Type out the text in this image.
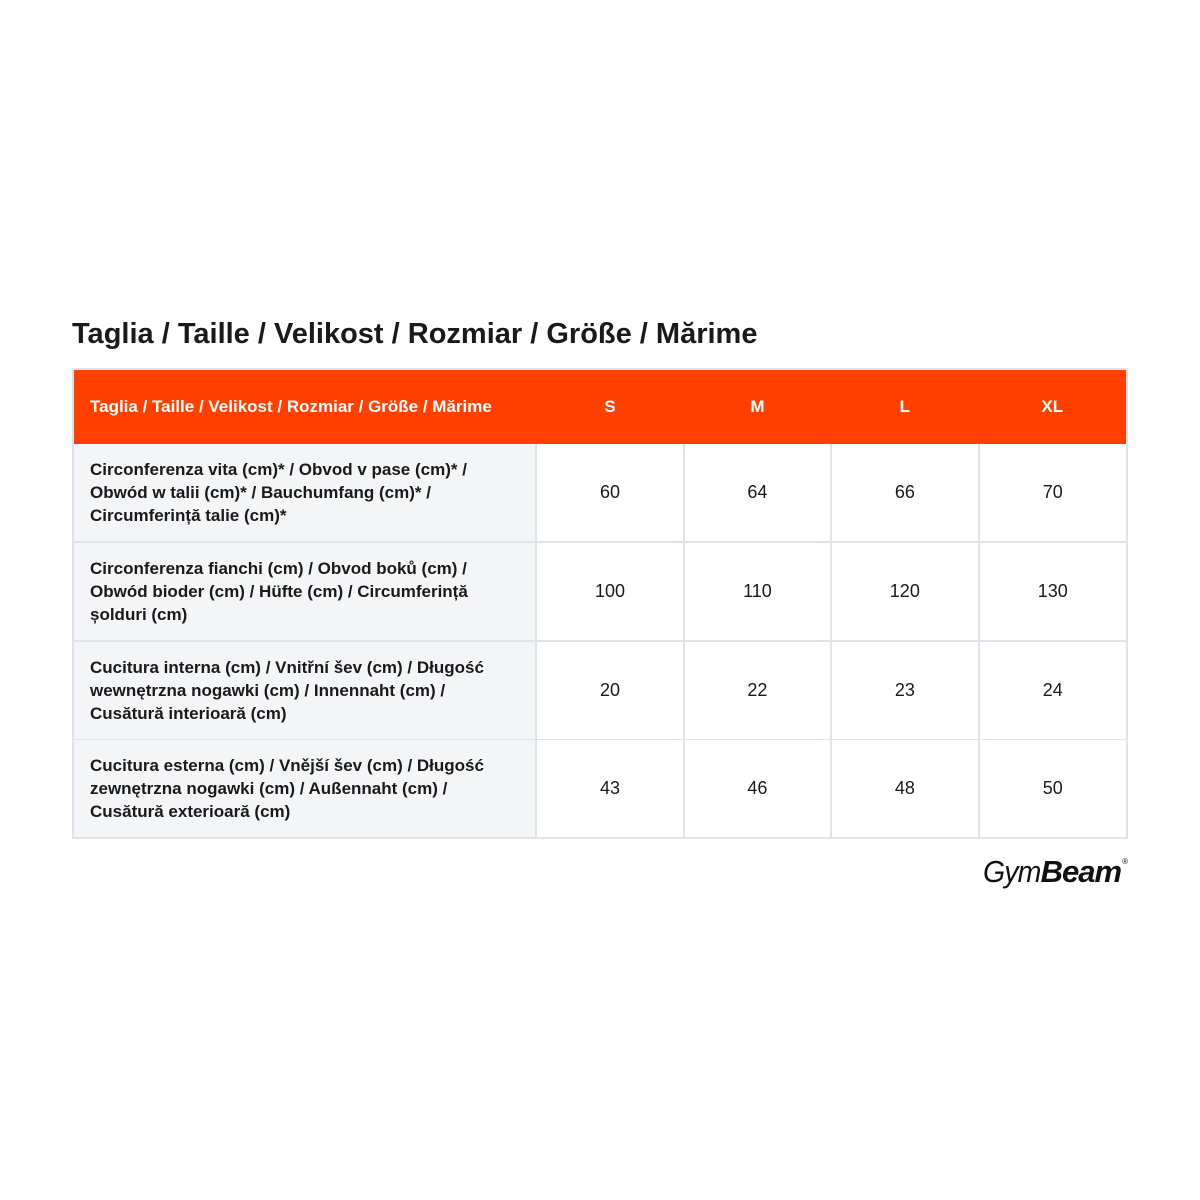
Taglia / Taille / Velikost / Rozmiar / Größe / Mărime
Taglia / Taille / Velikost / Rozmiar / Größe / Mărime	S	M	L	XL
Circonferenza vita (cm)* / Obvod v pase (cm)* / Obwód w talii (cm)* / Bauchumfang (cm)* / Circumferință talie (cm)*	60	64	66	70
Circonferenza fianchi (cm) / Obvod boků (cm) / Obwód bioder (cm) / Hüfte (cm) / Circumferință șolduri (cm)	100	110	120	130
Cucitura interna (cm) / Vnitřní šev (cm) / Długość wewnętrzna nogawki (cm) / Innennaht (cm) / Cusătură interioară (cm)	20	22	23	24
Cucitura esterna (cm) / Vnější šev (cm) / Długość zewnętrzna nogawki (cm) / Außennaht (cm) / Cusătură exterioară (cm)	43	46	48	50
Gym Beam ®
